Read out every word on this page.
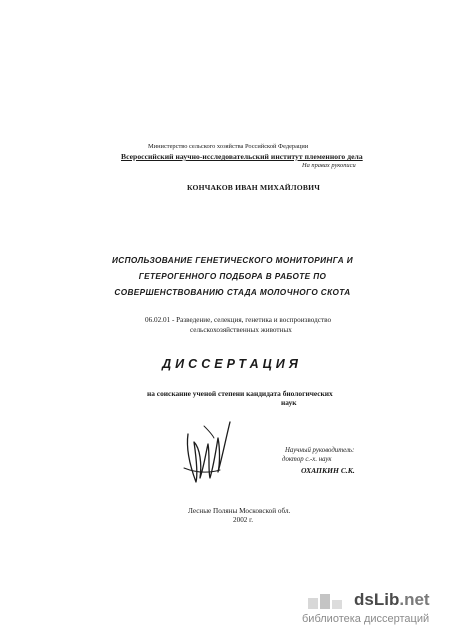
Министерство сельского хозяйства Российской Федерации
Всероссийский научно-исследовательский институт племенного дела
На правах рукописи
КОНЧАКОВ ИВАН МИХАЙЛОВИЧ
ИСПОЛЬЗОВАНИЕ ГЕНЕТИЧЕСКОГО МОНИТОРИНГА И
ГЕТЕРОГЕННОГО ПОДБОРА В РАБОТЕ ПО
СОВЕРШЕНСТВОВАНИЮ СТАДА МОЛОЧНОГО СКОТА
06.02.01 - Разведение, селекция, генетика и воспроизводство
сельскохозяйственных животных
ДИССЕРТАЦИЯ
на соискание ученой степени кандидата биологических
наук
Научный руководитель:
доктор с.-х. наук
ОХАПКИН С.К.
Лесные Поляны Московской обл.
2002 г.
dsLib.net
библиотека диссертаций
